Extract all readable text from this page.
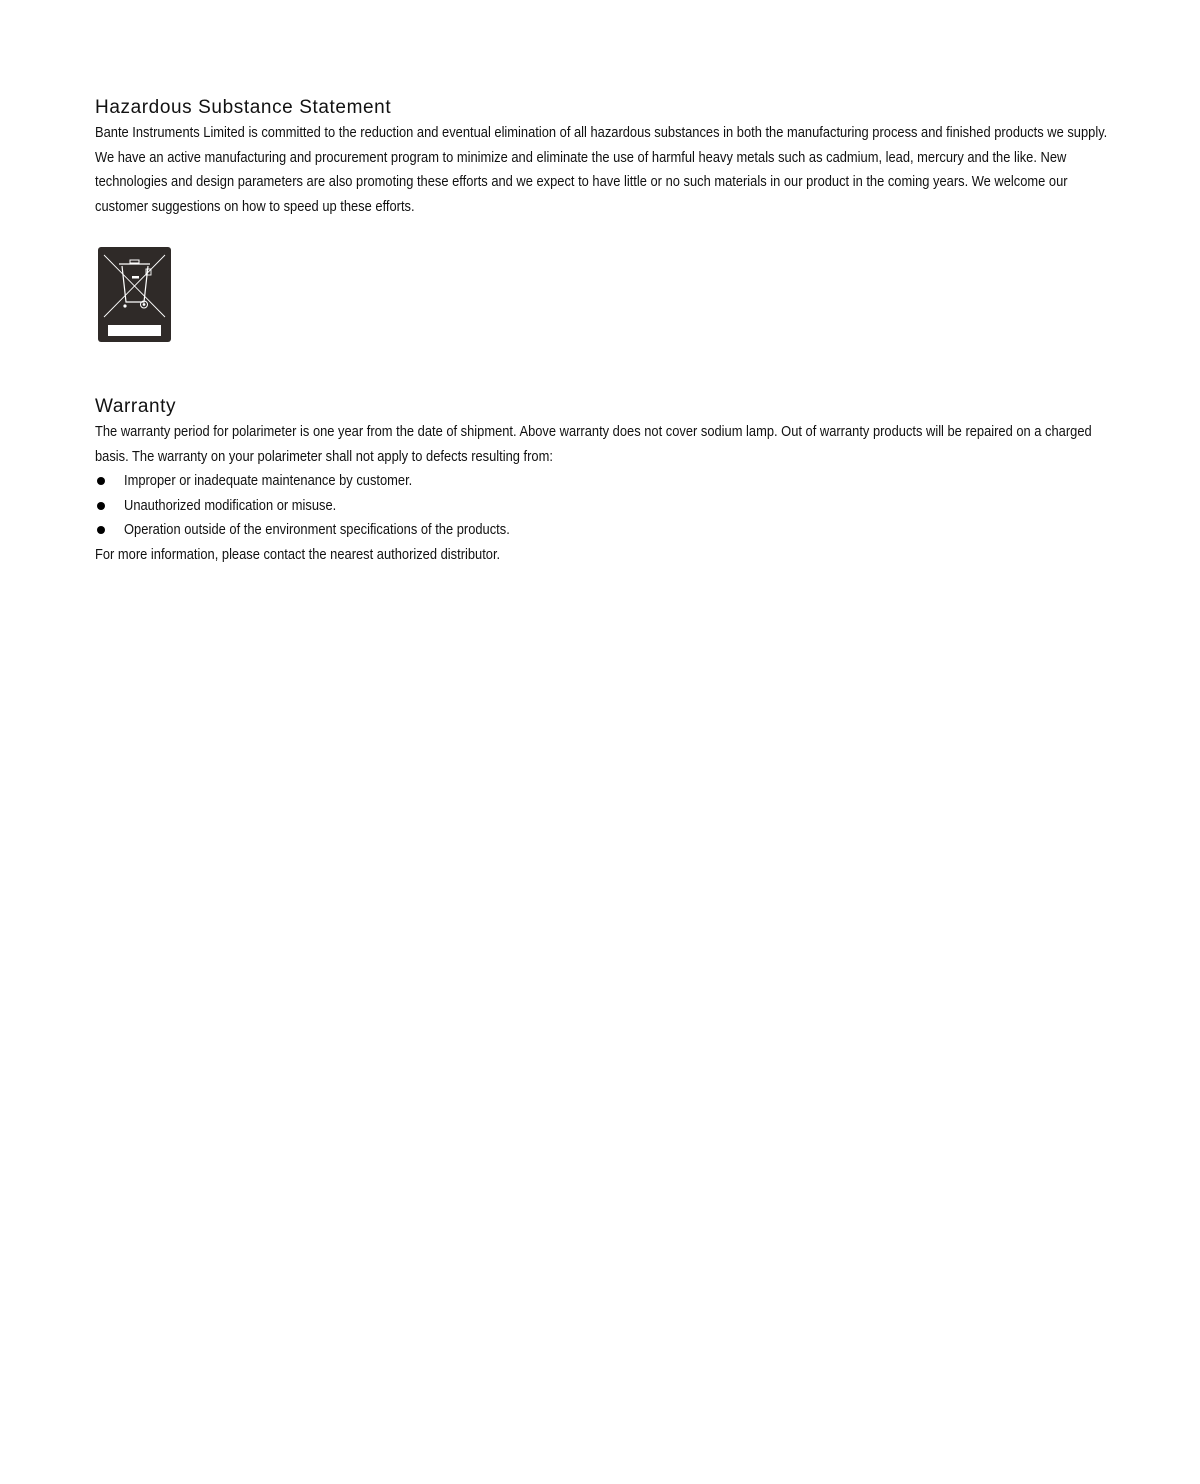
Hazardous Substance Statement

Bante Instruments Limited is committed to the reduction and eventual elimination of all hazardous substances in both the manufacturing process and finished products we supply. We have an active manufacturing and procurement program to minimize and eliminate the use of harmful heavy metals such as cadmium, lead, mercury and the like. New technologies and design parameters are also promoting these efforts and we expect to have little or no such materials in our product in the coming years. We welcome our customer suggestions on how to speed up these efforts.

Warranty

The warranty period for polarimeter is one year from the date of shipment. Above warranty does not cover sodium lamp. Out of warranty products will be repaired on a charged basis. The warranty on your polarimeter shall not apply to defects resulting from:

Improper or inadequate maintenance by customer.
Unauthorized modification or misuse.
Operation outside of the environment specifications of the products.

For more information, please contact the nearest authorized distributor.
